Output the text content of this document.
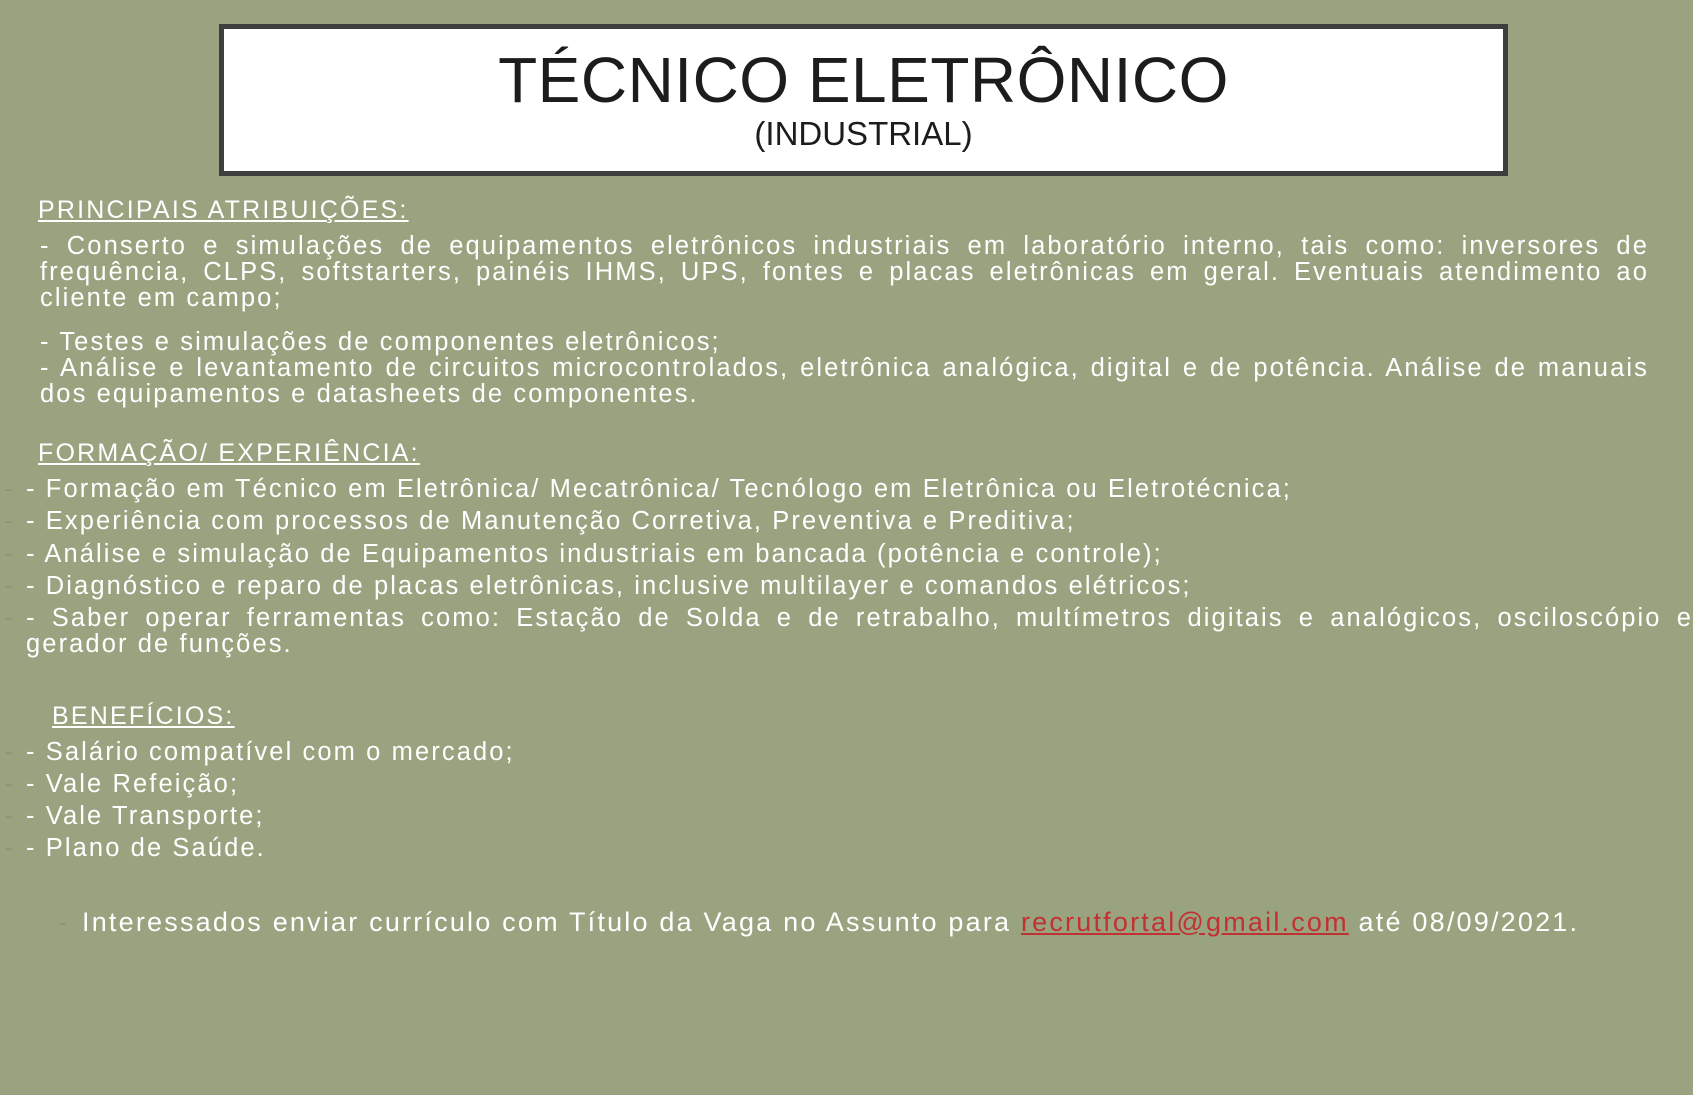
TÉCNICO ELETRÔNICO
(INDUSTRIAL)
PRINCIPAIS ATRIBUIÇÕES:

- Conserto e simulações de equipamentos eletrônicos industriais em laboratório interno, tais como: inversores de frequência, CLPS, softstarters, painéis IHMS, UPS, fontes e placas eletrônicas em geral. Eventuais atendimento ao cliente em campo;

- Testes e simulações de componentes eletrônicos;

- Análise e levantamento de circuitos microcontrolados, eletrônica analógica, digital e de potência. Análise de manuais dos equipamentos e datasheets de componentes.

FORMAÇÃO/ EXPERIÊNCIA:
- - Formação em Técnico em Eletrônica/ Mecatrônica/ Tecnólogo em Eletrônica ou Eletrotécnica;
- - Experiência com processos de Manutenção Corretiva, Preventiva e Preditiva;
- - Análise e simulação de Equipamentos industriais em bancada (potência e controle);
- - Diagnóstico e reparo de placas eletrônicas, inclusive multilayer e comandos elétricos;
- - Saber operar ferramentas como: Estação de Solda e de retrabalho, multímetros digitais e analógicos, osciloscópio e gerador de funções.
BENEFÍCIOS:
- - Salário compatível com o mercado;
- - Vale Refeição;
- - Vale Transporte;
- - Plano de Saúde.
- Interessados enviar currículo com Título da Vaga no Assunto para recrutfortal@gmail.com até 08/09/2021.
